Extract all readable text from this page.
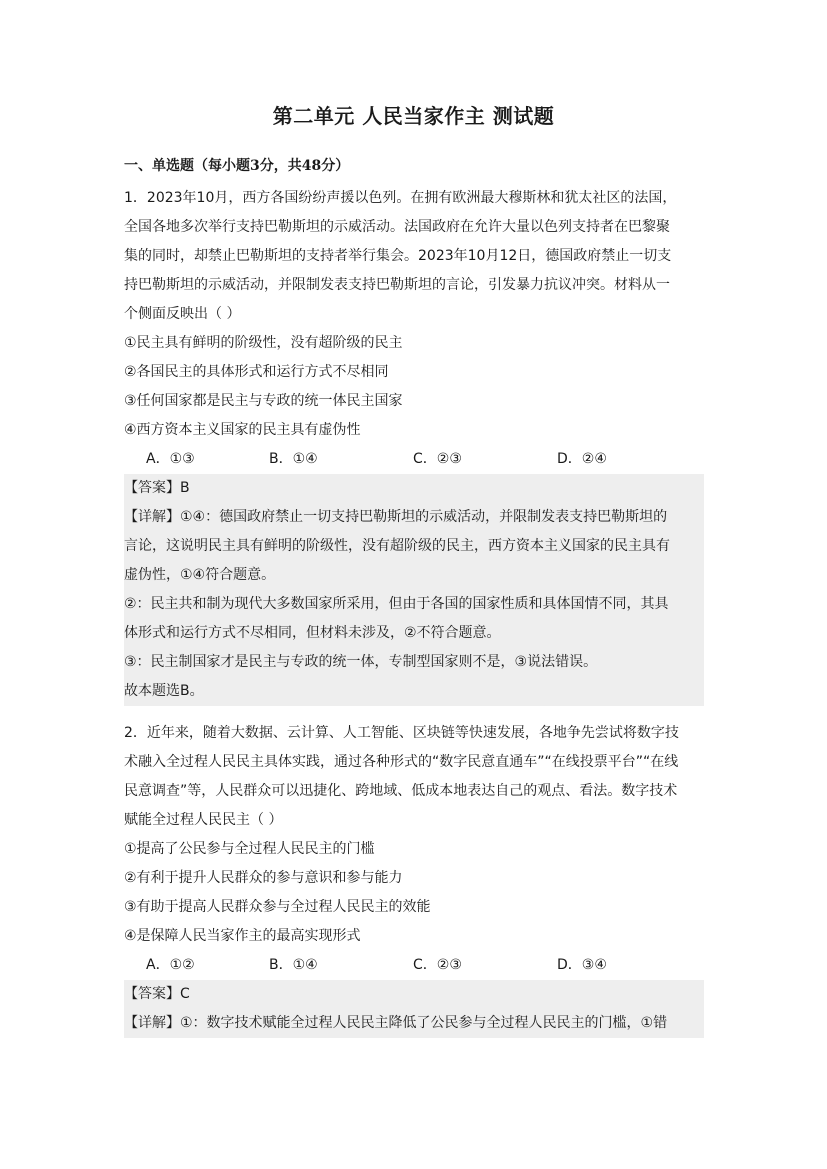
第二单元 人民当家作主 测试题
一、单选题（每小题3分，共48分）
1．2023年10月，西方各国纷纷声援以色列。在拥有欧洲最大穆斯林和犹太社区的法国，
全国各地多次举行支持巴勒斯坦的示威活动。法国政府在允许大量以色列支持者在巴黎聚
集的同时，却禁止巴勒斯坦的支持者举行集会。2023年10月12日，德国政府禁止一切支
持巴勒斯坦的示威活动，并限制发表支持巴勒斯坦的言论，引发暴力抗议冲突。材料从一
个侧面反映出（ ）
①民主具有鲜明的阶级性，没有超阶级的民主
②各国民主的具体形式和运行方式不尽相同
③任何国家都是民主与专政的统一体民主国家
④西方资本主义国家的民主具有虚伪性
A．①③	B．①④	C．②③	D．②④
【答案】B
【详解】①④：德国政府禁止一切支持巴勒斯坦的示威活动，并限制发表支持巴勒斯坦的
言论，这说明民主具有鲜明的阶级性，没有超阶级的民主，西方资本主义国家的民主具有
虚伪性，①④符合题意。
②：民主共和制为现代大多数国家所采用，但由于各国的国家性质和具体国情不同，其具
体形式和运行方式不尽相同，但材料未涉及，②不符合题意。
③：民主制国家才是民主与专政的统一体，专制型国家则不是，③说法错误。
故本题选B。
2．近年来，随着大数据、云计算、人工智能、区块链等快速发展，各地争先尝试将数字技
术融入全过程人民民主具体实践，通过各种形式的“数字民意直通车”“在线投票平台”“在线
民意调查”等，人民群众可以迅捷化、跨地域、低成本地表达自己的观点、看法。数字技术
赋能全过程人民民主（ ）
①提高了公民参与全过程人民民主的门槛
②有利于提升人民群众的参与意识和参与能力
③有助于提高人民群众参与全过程人民民主的效能
④是保障人民当家作主的最高实现形式
A．①②	B．①④	C．②③	D．③④
【答案】C
【详解】①：数字技术赋能全过程人民民主降低了公民参与全过程人民民主的门槛，①错
